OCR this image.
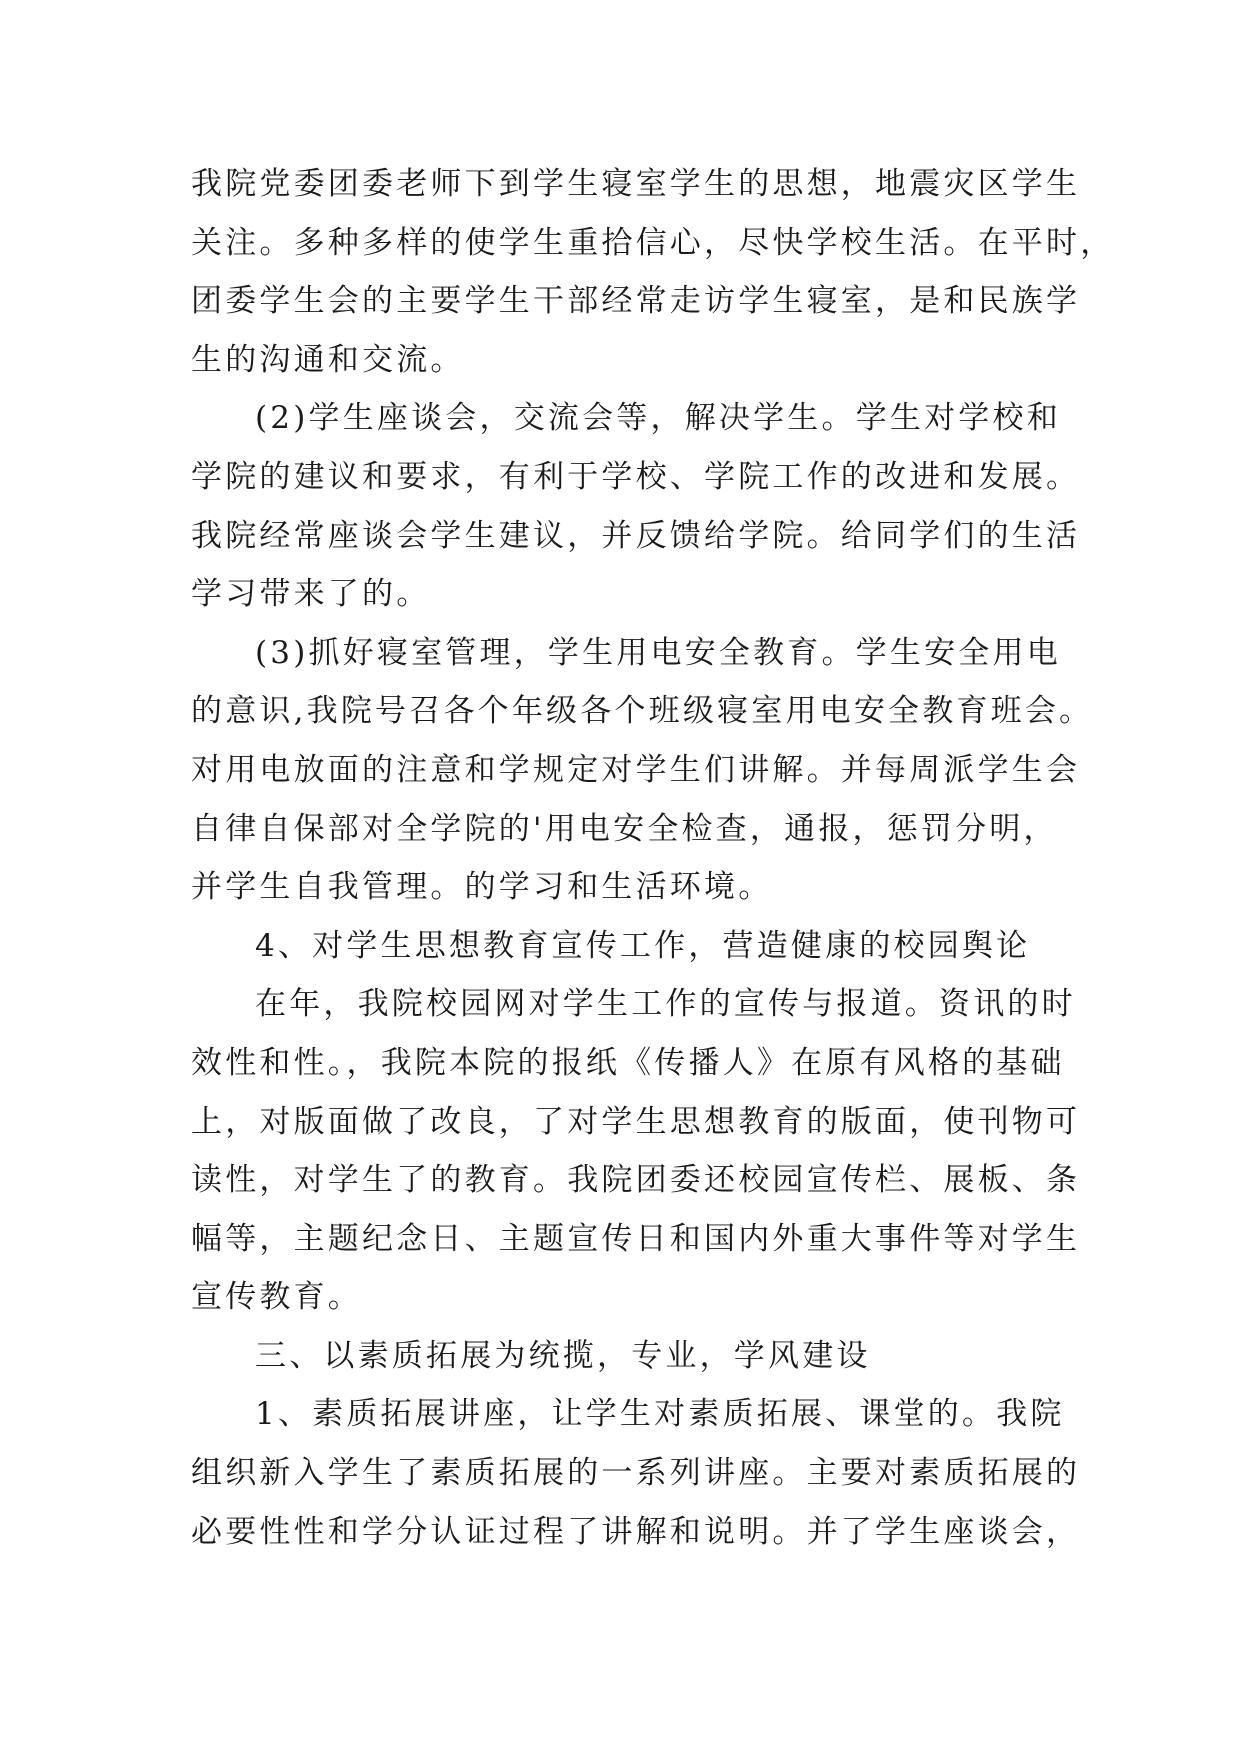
我院党委团委老师下到学生寝室学生的思想，地震灾区学生
关注。多种多样的使学生重拾信心，尽快学校生活。在平时，
团委学生会的主要学生干部经常走访学生寝室，是和民族学
生的沟通和交流。
(2)学生座谈会，交流会等，解决学生。学生对学校和
学院的建议和要求，有利于学校、学院工作的改进和发展。
我院经常座谈会学生建议，并反馈给学院。给同学们的生活
学习带来了的。
(3)抓好寝室管理，学生用电安全教育。学生安全用电
的意识,我院号召各个年级各个班级寝室用电安全教育班会。
对用电放面的注意和学规定对学生们讲解。并每周派学生会
自律自保部对全学院的'用电安全检查，通报，惩罚分明，
并学生自我管理。的学习和生活环境。
4、对学生思想教育宣传工作，营造健康的校园舆论
在年，我院校园网对学生工作的宣传与报道。资讯的时
效性和性。，我院本院的报纸《传播人》在原有风格的基础
上，对版面做了改良，了对学生思想教育的版面，使刊物可
读性，对学生了的教育。我院团委还校园宣传栏、展板、条
幅等，主题纪念日、主题宣传日和国内外重大事件等对学生
宣传教育。
三、以素质拓展为统揽，专业，学风建设
1、素质拓展讲座，让学生对素质拓展、课堂的。我院
组织新入学生了素质拓展的一系列讲座。主要对素质拓展的
必要性性和学分认证过程了讲解和说明。并了学生座谈会，
